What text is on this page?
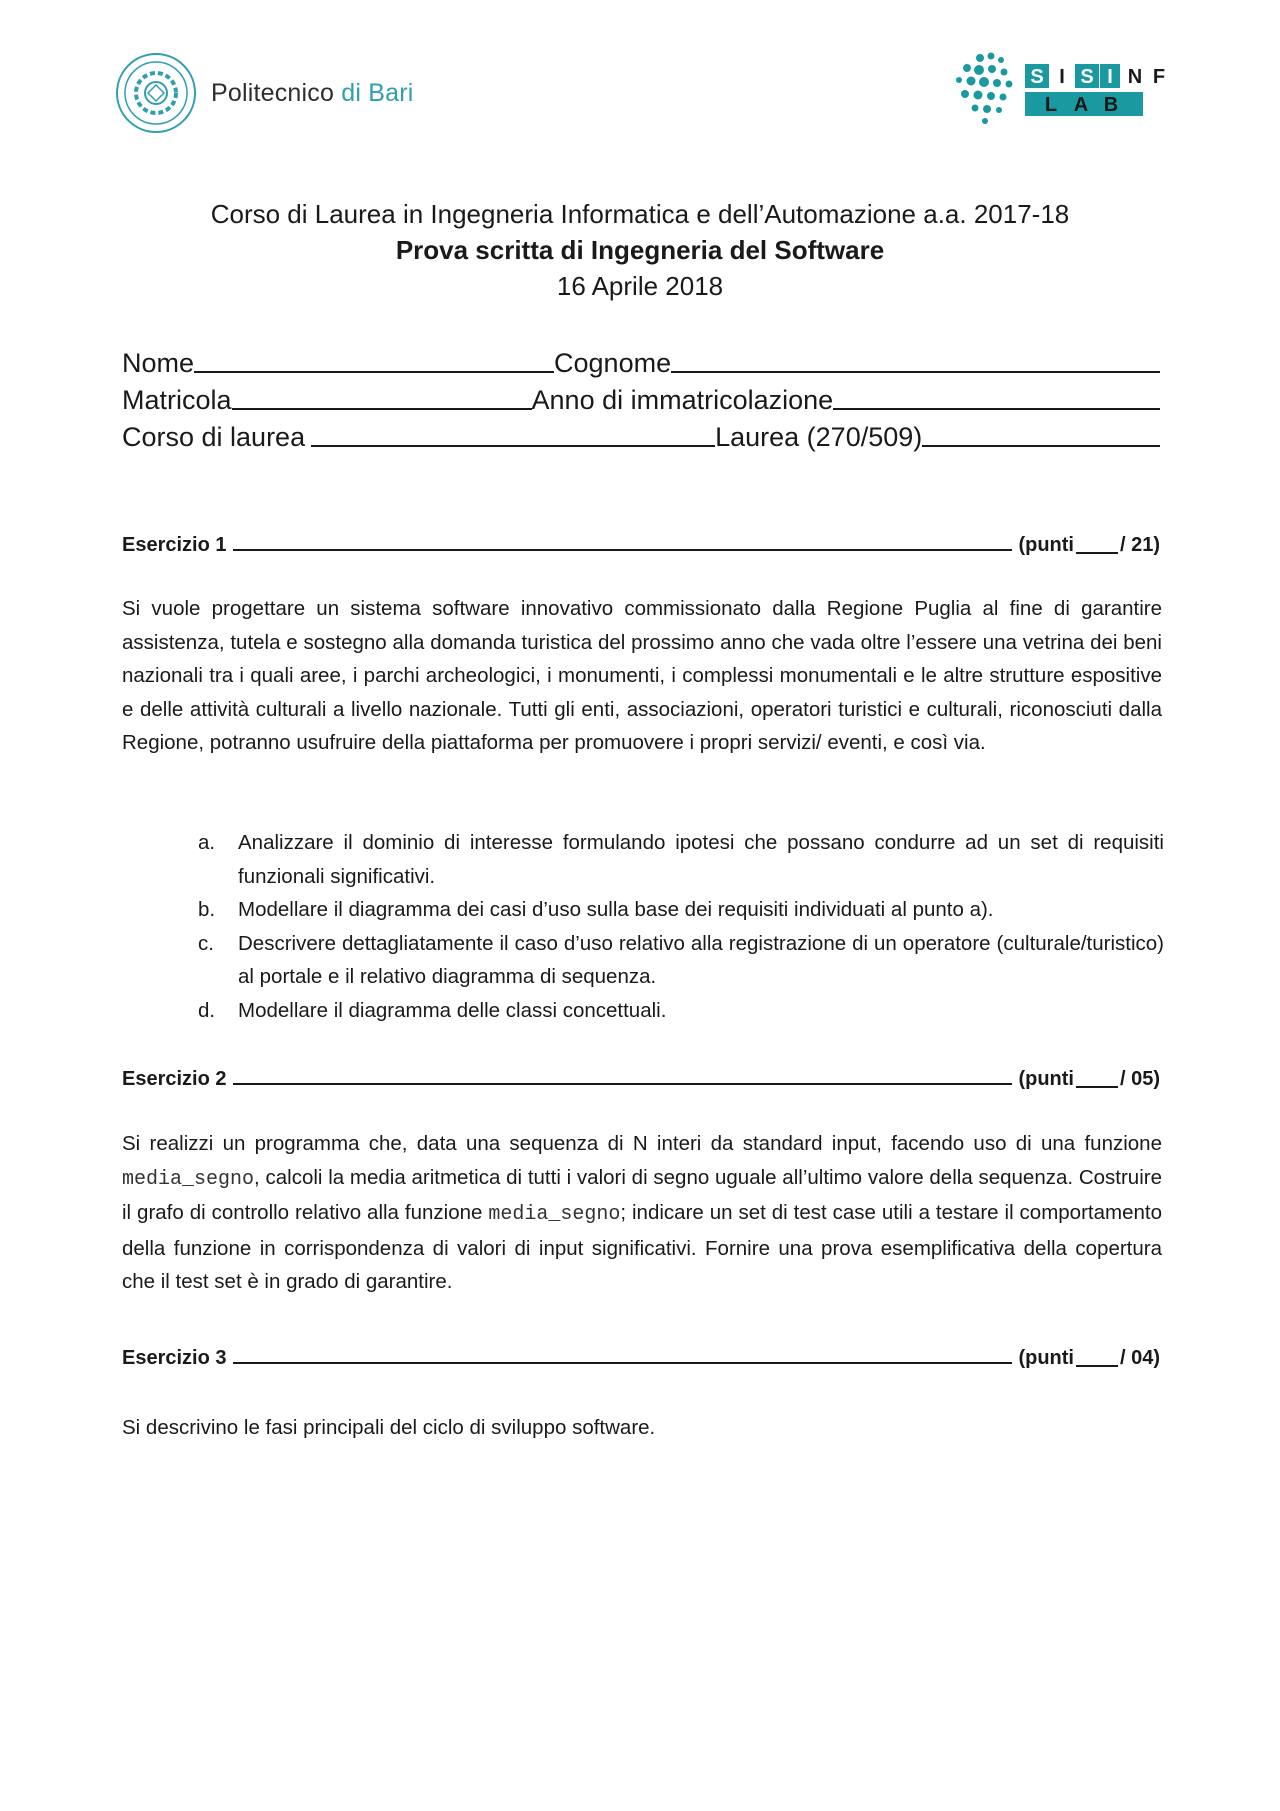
Politecnico di Bari
S I S I N F
L A B
Corso di Laurea in Ingegneria Informatica e dell’Automazione a.a. 2017-18
Prova scritta di Ingegneria del Software
16 Aprile 2018
Nome	Cognome
Matricola	Anno di immatricolazione
Corso di laurea	Laurea (270/509)
Esercizio 1	(punti / 21)
Si vuole progettare un sistema software innovativo commissionato dalla Regione Puglia al fine di garantire assistenza, tutela e sostegno alla domanda turistica del prossimo anno che vada oltre l’essere una vetrina dei beni nazionali tra i quali aree, i parchi archeologici, i monumenti, i complessi monumentali e le altre strutture espositive e delle attività culturali a livello nazionale. Tutti gli enti, associazioni, operatori turistici e culturali, riconosciuti dalla Regione, potranno usufruire della piattaforma per promuovere i propri servizi/ eventi, e così via.
a.	Analizzare il dominio di interesse formulando ipotesi che possano condurre ad un set di requisiti funzionali significativi.
b.	Modellare il diagramma dei casi d’uso sulla base dei requisiti individuati al punto a).
c.	Descrivere dettagliatamente il caso d’uso relativo alla registrazione di un operatore (culturale/turistico) al portale e il relativo diagramma di sequenza.
d.	Modellare il diagramma delle classi concettuali.
Esercizio 2	(punti / 05)
Si realizzi un programma che, data una sequenza di N interi da standard input, facendo uso di una funzione media_segno, calcoli la media aritmetica di tutti i valori di segno uguale all’ultimo valore della sequenza. Costruire il grafo di controllo relativo alla funzione media_segno; indicare un set di test case utili a testare il comportamento della funzione in corrispondenza di valori di input significativi. Fornire una prova esemplificativa della copertura che il test set è in grado di garantire.
Esercizio 3	(punti / 04)
Si descrivino le fasi principali del ciclo di sviluppo software.
